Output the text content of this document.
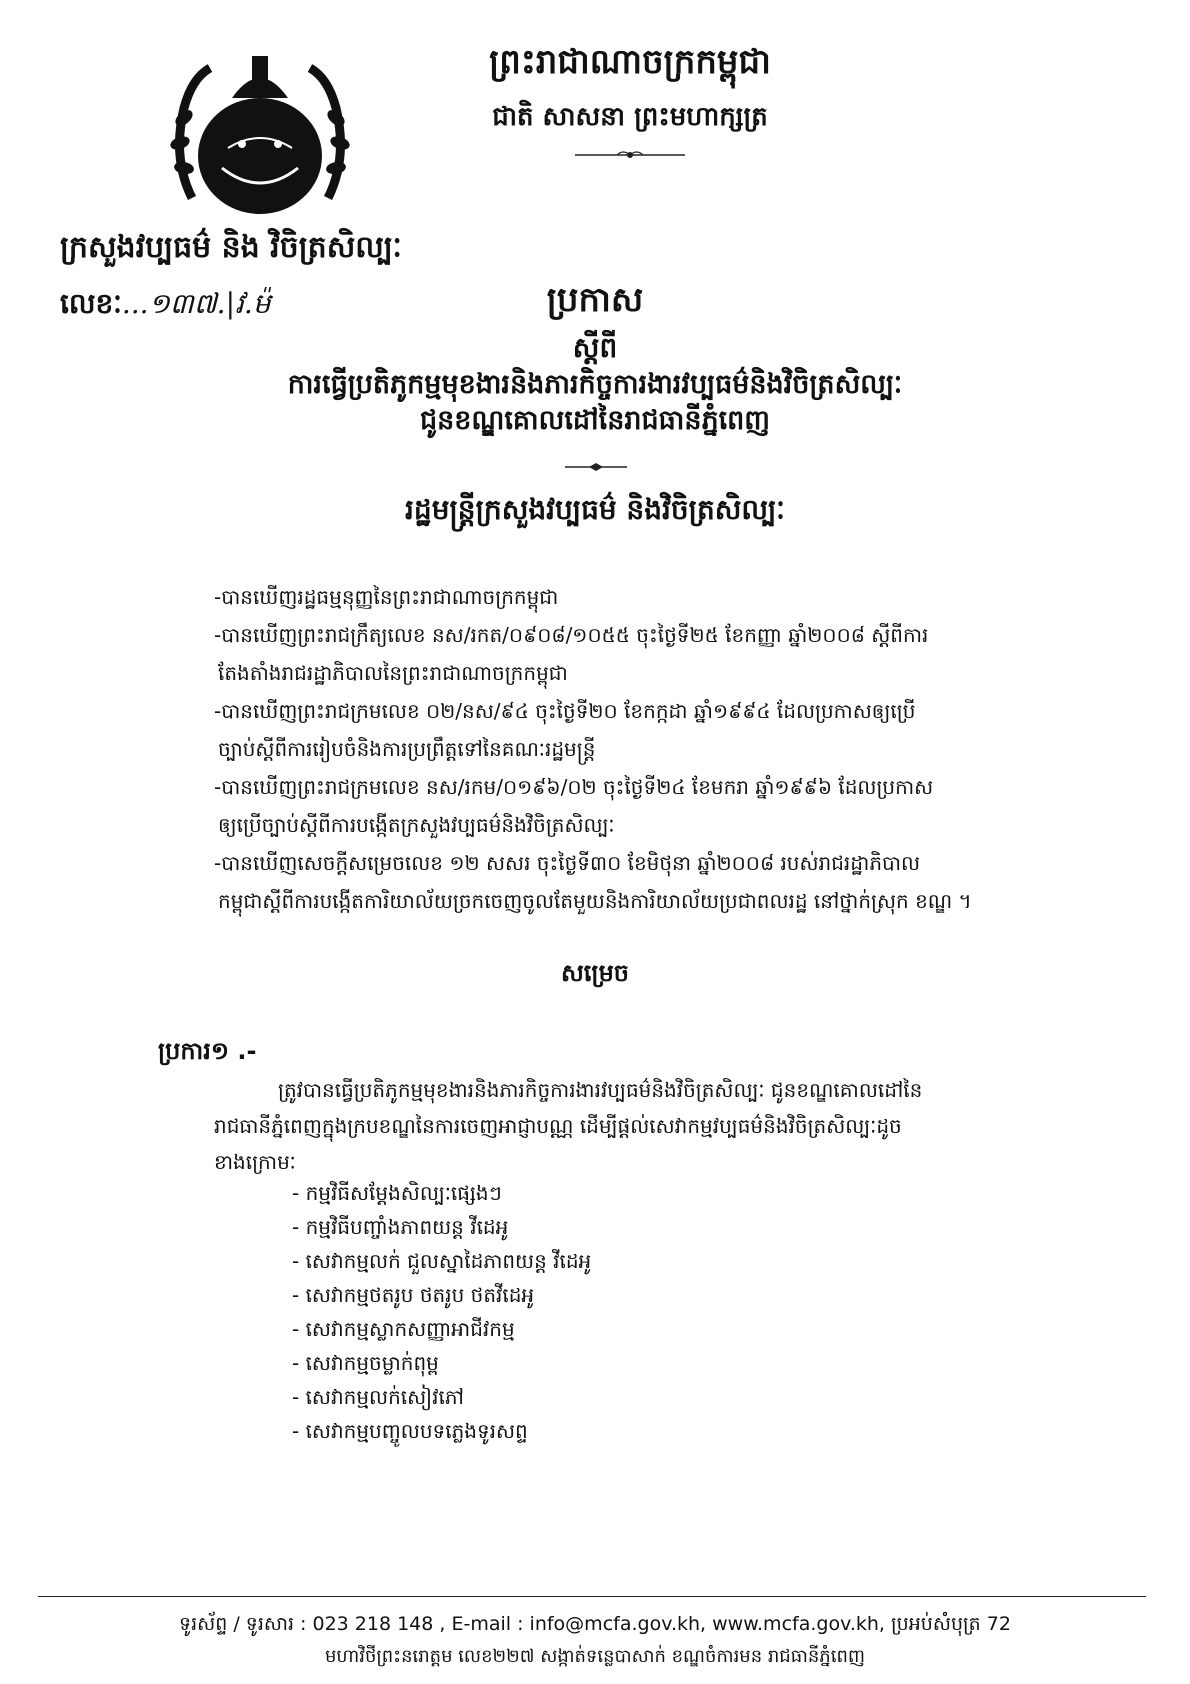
ព្រះរាជាណាចក្រកម្ពុជា
ជាតិ សាសនា ព្រះមហាក្សត្រ
ក្រសួងវប្បធម៌ និង វិចិត្រសិល្បៈ
លេខៈ...១៣៧.|វ.ម៉	ប្រកាស
ស្តីពី
ការធ្វើប្រតិភូកម្មមុខងារនិងភារកិច្ចការងារវប្បធម៌និងវិចិត្រសិល្បៈ
ជូនខណ្ឌគោលដៅនៃរាជធានីភ្នំពេញ
រដ្ឋមន្ត្រីក្រសួងវប្បធម៌ និងវិចិត្រសិល្បៈ

-បានឃើញរដ្ឋធម្មនុញ្ញនៃព្រះរាជាណាចក្រកម្ពុជា

-បានឃើញព្រះរាជក្រឹត្យលេខ នស/រកត/០៩០៨/១០៥៥ ចុះថ្ងៃទី២៥ ខែកញ្ញា ឆ្នាំ២០០៨ ស្តីពីការ

តែងតាំងរាជរដ្ឋាភិបាលនៃព្រះរាជាណាចក្រកម្ពុជា

-បានឃើញព្រះរាជក្រមលេខ ០២/នស/៩៤ ចុះថ្ងៃទី២០ ខែកក្កដា ឆ្នាំ១៩៩៤ ដែលប្រកាសឲ្យប្រើ

ច្បាប់ស្តីពីការរៀបចំនិងការប្រព្រឹត្តទៅនៃគណៈរដ្ឋមន្ត្រី

-បានឃើញព្រះរាជក្រមលេខ នស/រកម/០១៩៦/០២ ចុះថ្ងៃទី២៤ ខែមករា ឆ្នាំ១៩៩៦ ដែលប្រកាស

ឲ្យប្រើច្បាប់ស្តីពីការបង្កើតក្រសួងវប្បធម៌និងវិចិត្រសិល្បៈ

-បានឃើញសេចក្តីសម្រេចលេខ ១២ សសរ ចុះថ្ងៃទី៣០ ខែមិថុនា ឆ្នាំ២០០៨ របស់រាជរដ្ឋាភិបាល

កម្ពុជាស្តីពីការបង្កើតការិយាល័យច្រកចេញចូលតែមួយនិងការិយាល័យប្រជាពលរដ្ឋ នៅថ្នាក់ស្រុក ខណ្ឌ ។

សម្រេច
ប្រការ១ .-

ត្រូវបានធ្វើប្រតិភូកម្មមុខងារនិងភារកិច្ចការងារវប្បធម៌និងវិចិត្រសិល្បៈ ជូនខណ្ឌគោលដៅនៃ

រាជធានីភ្នំពេញក្នុងក្របខណ្ឌនៃការចេញអាជ្ញាបណ្ណ ដើម្បីផ្តល់សេវាកម្មវប្បធម៌និងវិចិត្រសិល្បៈដូច

ខាងក្រោមៈ

- កម្មវិធីសម្តែងសិល្បៈផ្សេងៗ
- កម្មវិធីបញ្ចាំងភាពយន្ត វីដេអូ
- សេវាកម្មលក់ ជួលស្នាដៃភាពយន្ត វីដេអូ
- សេវាកម្មថតរូប ថតរូប ថតវីដេអូ
- សេវាកម្មស្លាកសញ្ញាអាជីវកម្ម
- សេវាកម្មចម្លាក់ពុម្ព
- សេវាកម្មលក់សៀវភៅ
- សេវាកម្មបញ្ចូលបទភ្លេងទូរសព្ទ
ទូរស័ព្ទ / ទូរសារ : 023 218 148 , E-mail : info@mcfa.gov.kh, www.mcfa.gov.kh, ប្រអប់សំបុត្រ 72
មហាវិថីព្រះនរោត្តម លេខ២២៧ សង្កាត់ទន្លេបាសាក់ ខណ្ឌចំការមន រាជធានីភ្នំពេញ
